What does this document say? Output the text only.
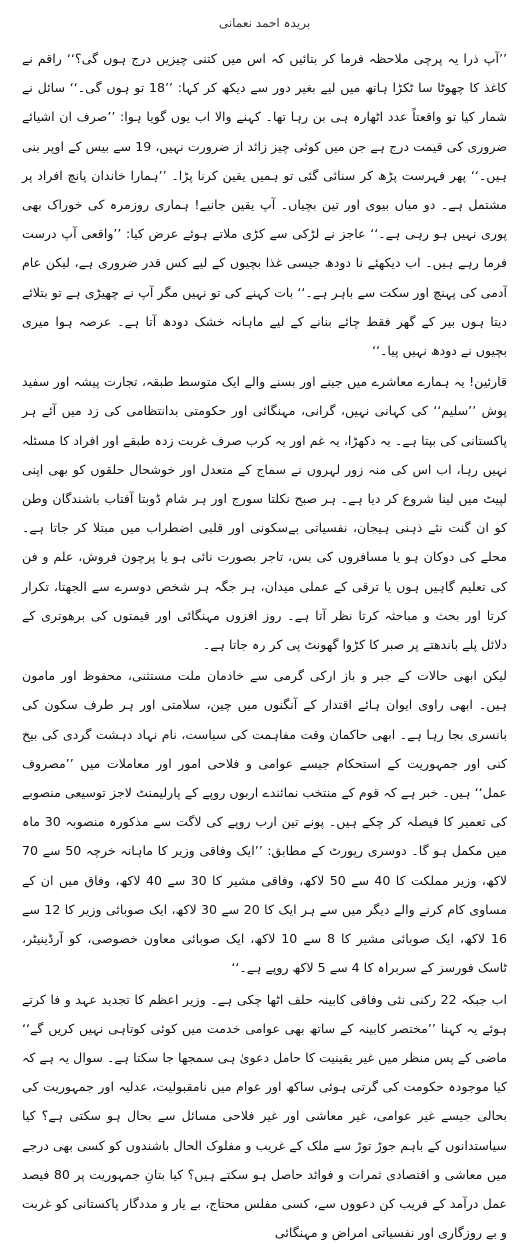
بریدہ احمد نعمانی

’’آپ ذرا یہ پرچی ملاحظہ فرما کر بتائیں کہ اس میں کتنی چیزیں درج ہوں گی؟‘‘ راقم نے کاغذ کا چھوٹا سا ٹکڑا ہاتھ میں لیے بغیر دور سے دیکھ کر کہا: ’’18 تو ہوں گی۔‘‘ سائل نے شمار کیا تو واقعتاً عدد اٹھارہ ہی بن رہا تھا۔ کہنے والا اب یوں گویا ہوا: ’’صرف ان اشیائے ضروری کی قیمت درج ہے جن میں کوئی چیز زائد از ضرورت نہیں، 19 سے بیس کے اوپر بنی ہیں۔‘‘ پھر فہرست پڑھ کر سنائی گئی تو ہمیں یقین کرنا پڑا۔ ’’ہمارا خاندان پانچ افراد پر مشتمل ہے۔ دو میاں بیوی اور تین بچیاں۔ آپ یقین جانیے! ہماری روزمرہ کی خوراک بھی پوری نہیں ہو رہی ہے۔‘‘ عاجز نے لڑکی سے کڑی ملاتے ہوئے عرض کیا: ’’واقعی آپ درست فرما رہے ہیں۔ اب دیکھئے نا دودھ جیسی غذا بچیوں کے لیے کس قدر ضروری ہے، لیکن عام آدمی کی پہنچ اور سکت سے باہر ہے۔‘‘ بات کہنے کی تو نہیں مگر آپ نے چھیڑی ہے تو بتلائے دیتا ہوں بیر کے گھر فقط چائے بنانے کے لیے ماہانہ خشک دودھ آتا ہے۔ عرصہ ہوا میری بچیوں نے دودھ نہیں پیا۔‘‘

قارئین! یہ ہمارے معاشرے میں جینے اور بسنے والے ایک متوسط طبقہ، تجارت پیشہ اور سفید پوش ’’سلیم‘‘ کی کہانی نہیں، گرانی، مہنگائی اور حکومتی بدانتظامی کی زد میں آئے ہر پاکستانی کی بپتا ہے۔ یہ دکھڑا، یہ غم اور یہ کرب صرف غربت زدہ طبقے اور افراد کا مسئلہ نہیں رہا، اب اس کی منہ زور لہروں نے سماج کے متعدل اور خوشحال حلقوں کو بھی اپنی لپیٹ میں لینا شروع کر دیا ہے۔ ہر صبح نکلتا سورج اور ہر شام ڈوبتا آفتاب باشندگان وطن کو ان گنت نئے ذہنی ہیجان، نفسیاتی بےسکونی اور قلبی اضطراب میں مبتلا کر جاتا ہے۔ محلے کی دوکان ہو یا مسافروں کی بس، تاجر بصورت نائی ہو یا پرچون فروش، علم و فن کی تعلیم گاہیں ہوں یا ترقی کے عملی میدان، ہر جگہ ہر شخص دوسرے سے الجھتا، تکرار کرتا اور بحث و مباحثہ کرتا نظر آتا ہے۔ روز افزوں مہنگائی اور قیمتوں کی برھوتری کے دلائل پلے باندھتے پر صبر کا کڑوا گھونٹ پی کر رہ جاتا ہے۔

لیکن ابھی حالات کے جبر و باز ارکی گرمی سے خادمان ملت مستثنی، محفوظ اور مامون ہیں۔ ابھی راوی ایوان ہائے اقتدار کے آنگنوں میں چین، سلامتی اور ہر طرف سکون کی بانسری بجا رہا ہے۔ ابھی حاکمان وقت مفاہمت کی سیاست، نام نہاد دہشت گردی کی بیخ کنی اور جمہوریت کے استحکام جیسے عوامی و فلاحی امور اور معاملات میں ’’مصروف عمل‘‘ ہیں۔ خبر ہے کہ قوم کے منتخب نمائندے اربوں روپے کے پارلیمنٹ لاجز توسیعی منصوبے کی تعمیر کا فیصلہ کر چکے ہیں۔ پونے تین ارب روپے کی لاگت سے مذکورہ منصوبہ 30 ماہ میں مکمل ہو گا۔ دوسری رپورٹ کے مطابق: ’’ایک وفاقی وزیر کا ماہانہ خرچہ 50 سے 70 لاکھ، وزیر مملکت کا 40 سے 50 لاکھ، وفاقی مشیر کا 30 سے 40 لاکھ، وفاق میں ان کے مساوی کام کرنے والے دیگر میں سے ہر ایک کا 20 سے 30 لاکھ، ایک صوبائی وزیر کا 12 سے 16 لاکھ، ایک صوبائی مشیر کا 8 سے 10 لاکھ، ایک صوبائی معاون خصوصی، کو آرڈینیٹر، ٹاسک فورسز کے سربراہ کا 4 سے 5 لاکھ روپے ہے۔‘‘

اب جبکہ 22 رکنی نئی وفاقی کابینہ حلف اٹھا چکی ہے۔ وزیر اعظم کا تجدید عہد و فا کرتے ہوئے یہ کہنا ’’مختصر کابینہ کے ساتھ بھی عوامی خدمت میں کوئی کوتاہی نہیں کریں گے‘‘ ماضی کے پس منظر میں غیر یقینیت کا حامل دعویٰ ہی سمجھا جا سکتا ہے۔ سوال یہ ہے کہ کیا موجودہ حکومت کی گرتی ہوئی ساکھ اور عوام میں نامقبولیت، عدلیہ اور جمہوریت کی بحالی جیسے غیر عوامی، غیر معاشی اور غیر فلاحی مسائل سے بحال ہو سکتی ہے؟ کیا سیاستدانوں کے باہم جوڑ توڑ سے ملک کے غریب و مفلوک الحال باشندوں کو کسی بھی درجے میں معاشی و اقتصادی ثمرات و فوائد حاصل ہو سکتے ہیں؟ کیا بتانِ جمہوریت پر 80 فیصد عمل درآمد کے فریب کن دعووں سے، کسی مفلس محتاج، بے یار و مددگار پاکستانی کو غربت و بے روزگاری اور نفسیاتی امراض و مہنگائی
